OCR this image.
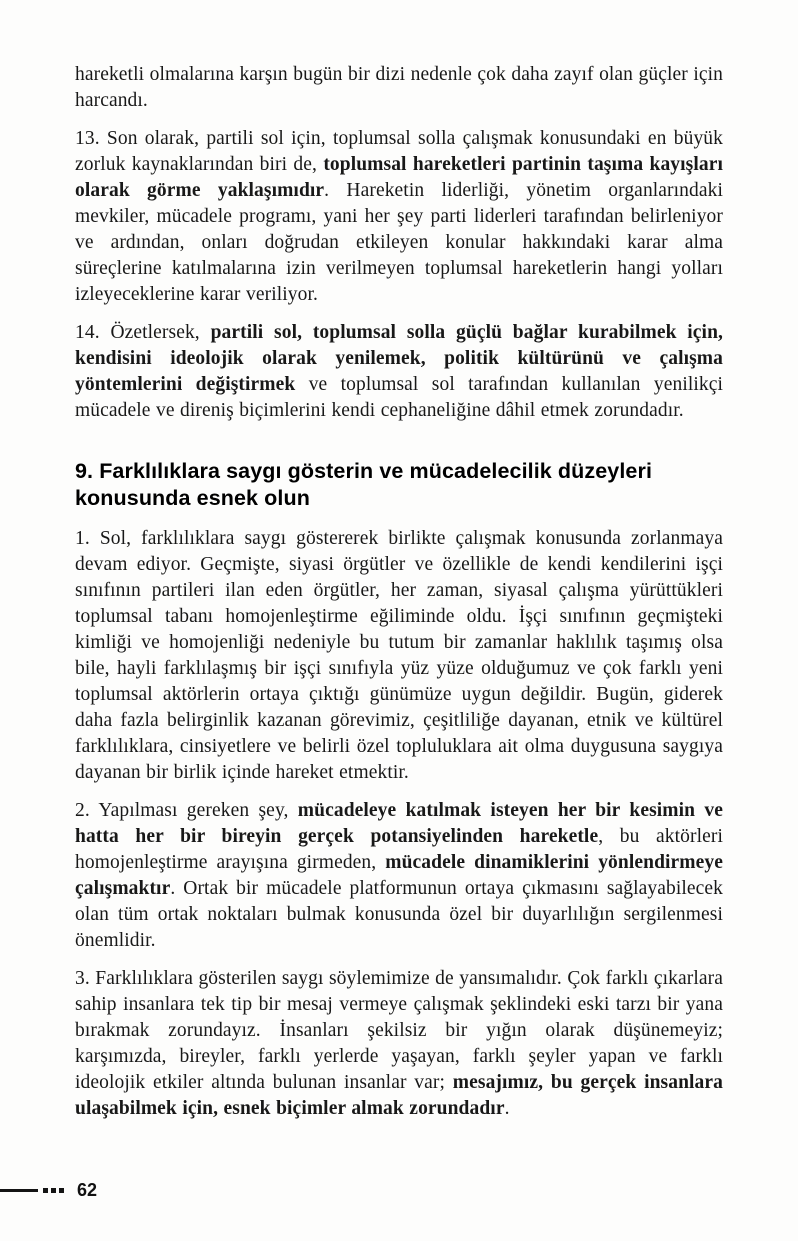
hareketli olmalarına karşın bugün bir dizi nedenle çok daha zayıf olan güçler için harcandı.

13. Son olarak, partili sol için, toplumsal solla çalışmak konusundaki en büyük zorluk kaynaklarından biri de, toplumsal hareketleri partinin taşıma kayışları olarak görme yaklaşımıdır. Hareketin liderliği, yönetim organlarındaki mevkiler, mücadele programı, yani her şey parti liderleri tarafından belirleniyor ve ardından, onları doğrudan etkileyen konular hakkındaki karar alma süreçlerine katılmalarına izin verilmeyen toplumsal hareketlerin hangi yolları izleyeceklerine karar veriliyor.

14. Özetlersek, partili sol, toplumsal solla güçlü bağlar kurabilmek için, kendisini ideolojik olarak yenilemek, politik kültürünü ve çalışma yöntemlerini değiştirmek ve toplumsal sol tarafından kullanılan yenilikçi mücadele ve direniş biçimlerini kendi cephaneliğine dâhil etmek zorundadır.

9. Farklılıklara saygı gösterin ve mücadelecilik düzeyleri konusunda esnek olun

1. Sol, farklılıklara saygı göstererek birlikte çalışmak konusunda zorlanmaya devam ediyor. Geçmişte, siyasi örgütler ve özellikle de kendi kendilerini işçi sınıfının partileri ilan eden örgütler, her zaman, siyasal çalışma yürüttükleri toplumsal tabanı homojenleştirme eğiliminde oldu. İşçi sınıfının geçmişteki kimliği ve homojenliği nedeniyle bu tutum bir zamanlar haklılık taşımış olsa bile, hayli farklılaşmış bir işçi sınıfıyla yüz yüze olduğumuz ve çok farklı yeni toplumsal aktörlerin ortaya çıktığı günümüze uygun değildir. Bugün, giderek daha fazla belirginlik kazanan görevimiz, çeşitliliğe dayanan, etnik ve kültürel farklılıklara, cinsiyetlere ve belirli özel topluluklara ait olma duygusuna saygıya dayanan bir birlik içinde hareket etmektir.

2. Yapılması gereken şey, mücadeleye katılmak isteyen her bir kesimin ve hatta her bir bireyin gerçek potansiyelinden hareketle, bu aktörleri homojenleştirme arayışına girmeden, mücadele dinamiklerini yönlendirmeye çalışmaktır. Ortak bir mücadele platformunun ortaya çıkmasını sağlayabilecek olan tüm ortak noktaları bulmak konusunda özel bir duyarlılığın sergilenmesi önemlidir.

3. Farklılıklara gösterilen saygı söylemimize de yansımalıdır. Çok farklı çıkarlara sahip insanlara tek tip bir mesaj vermeye çalışmak şeklindeki eski tarzı bir yana bırakmak zorundayız. İnsanları şekilsiz bir yığın olarak düşünemeyiz; karşımızda, bireyler, farklı yerlerde yaşayan, farklı şeyler yapan ve farklı ideolojik etkiler altında bulunan insanlar var; mesajımız, bu gerçek insanlara ulaşabilmek için, esnek biçimler almak zorundadır.

62
